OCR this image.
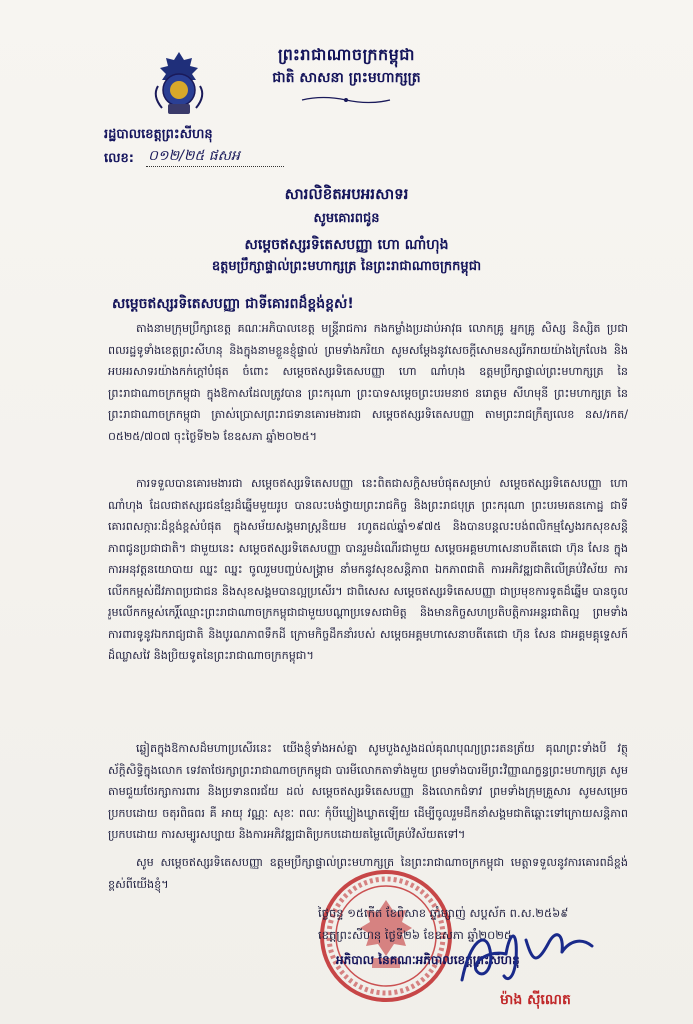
ព្រះរាជាណាចក្រកម្ពុជា
ជាតិ សាសនា ព្រះមហាក្សត្រ
រដ្ឋបាលខេត្តព្រះសីហនុ
លេខ: ០១២/២៥ ផសអ
សារលិខិតអបអរសាទរ
សូមគោរពជូន
សម្តេចឥស្សរទិតេសបញ្ញា ហោ ណាំហុង
ឧត្តមប្រឹក្សាផ្ទាល់ព្រះមហាក្សត្រ នៃព្រះរាជាណាចក្រកម្ពុជា
សម្តេចឥស្សរទិតេសបញ្ញា ជាទីគោរពដ៏ខ្ពង់ខ្ពស់!

តាងនាមក្រុមប្រឹក្សាខេត្ត គណៈអភិបាលខេត្ត មន្ត្រីរាជការ កងកម្លាំងប្រដាប់អាវុធ លោកគ្រូ អ្នកគ្រូ សិស្ស និស្សិត ប្រជាពលរដ្ឋទូទាំងខេត្តព្រះសីហនុ និងក្នុងនាមខ្លួនខ្ញុំផ្ទាល់ ព្រមទាំងភរិយា សូមសម្តែងនូវសេចក្តីសោមនស្សរីករាយយ៉ាងក្រៃលែង និងអបអរសាទរយ៉ាងកក់ក្តៅបំផុត ចំពោះ សម្តេចឥស្សរទិតេសបញ្ញា ហោ ណាំហុង ឧត្តមប្រឹក្សាផ្ទាល់ព្រះមហាក្សត្រ នៃព្រះរាជាណាចក្រកម្ពុជា ក្នុងឱកាសដែលត្រូវបាន ព្រះករុណា ព្រះបាទសម្តេចព្រះបរមនាថ នរោត្តម សីហមុនី ព្រះមហាក្សត្រ នៃព្រះរាជាណាចក្រកម្ពុជា ត្រាស់ប្រោសព្រះរាជទានគោរមងារជា សម្តេចឥស្សរទិតេសបញ្ញា តាមព្រះរាជក្រឹត្យលេខ នស/រកត/០៥២៥/៧០៧ ចុះថ្ងៃទី២៦ ខែឧសភា ឆ្នាំ២០២៥។

ការទទួលបានគោរមងារជា សម្តេចឥស្សរទិតេសបញ្ញា នេះពិតជាសក្តិសមបំផុតសម្រាប់ សម្តេចឥស្សរទិតេសបញ្ញា ហោ ណាំហុង ដែលជាឥស្សរជនខ្មែរដ៏ឆ្នើមមួយរូប បានលះបង់ថ្វាយព្រះរាជកិច្ច និងព្រះរាជបុត្រ ព្រះករុណា ព្រះបរមរតនកោដ្ឋ ជាទីគោរពសក្ការៈដ៏ខ្ពង់ខ្ពស់បំផុត ក្នុងសម័យសង្គមរាស្ត្រនិយម រហូតដល់ឆ្នាំ១៩៧៥ និងបានបន្តលះបង់ពលិកម្មស្វែងរកសុខសន្តិភាពជូនប្រជាជាតិ។ ជាមួយនេះ សម្តេចឥស្សរទិតេសបញ្ញា បានរួមដំណើរជាមួយ សម្តេចអគ្គមហាសេនាបតីតេជោ ហ៊ុន សែន ក្នុងការអនុវត្តនយោបាយ ឈ្នះ ឈ្នះ ចូលរួមបញ្ចប់សង្គ្រាម នាំមកនូវសុខសន្តិភាព ឯកភាពជាតិ ការអភិវឌ្ឍជាតិលើគ្រប់វិស័យ ការលើកកម្ពស់ជីវភាពប្រជាជន និងសុខសង្គមបានល្អប្រសើរ។ ជាពិសេស សម្តេចឥស្សរទិតេសបញ្ញា ជាប្រមុខការទូតដ៏ឆ្នើម បានចូលរួមលើកកម្ពស់កេរ្តិ៍ឈ្មោះព្រះរាជាណាចក្រកម្ពុជាជាមួយបណ្តាប្រទេសជាមិត្ត និងមានកិច្ចសហប្រតិបត្តិការអន្តរជាតិល្អ ព្រមទាំងការពារទូនូវឯករាជ្យជាតិ និងបូរណភាពទឹកដី ក្រោមកិច្ចដឹកនាំរបស់ សម្តេចអគ្គមហាសេនាបតីតេជោ ហ៊ុន សែន ជាអគ្គមគ្គុទ្ទេសក៍ដ៏ឈ្លាសវៃ និងប្រិយទូតនៃព្រះរាជាណាចក្រកម្ពុជា។

ឆ្លៀតក្នុងឱកាសដ៏មហាប្រសើរនេះ យើងខ្ញុំទាំងអស់គ្នា សូមបួងសួងដល់គុណបុណ្យព្រះរតនត្រ័យ គុណព្រះទាំងបី វត្ថុស័ក្តិសិទ្ធិក្នុងលោក ទេវតាថែរក្សាព្រះរាជាណាចក្រកម្ពុជា បារមីលោកតាទាំងមួយ ព្រមទាំងបារមីព្រះវិញ្ញាណក្ខន្ធព្រះមហាក្សត្រ សូមតាមជួយថែរក្សាការពារ និងប្រទានពរជ័យ ដល់ សម្តេចឥស្សរទិតេសបញ្ញា និងលោកជំទាវ ព្រមទាំងក្រុមគ្រួសារ សូមសម្រេចប្រកបដោយ ចតុរពិធពរ គឺ អាយុ វណ្ណៈ សុខៈ ពលៈ កុំបីឃ្លៀងឃ្លាតឡើយ ដើម្បីចូលរួមដឹកនាំសង្គមជាតិឆ្ពោះទៅក្រោយសន្តិភាព ប្រកបដោយ ការសម្បូរសប្បាយ និងការអភិវឌ្ឍជាតិប្រកបដោយតម្លៃលើគ្រប់វិស័យតទៅ។

សូម សម្តេចឥស្សរទិតេសបញ្ញា ឧត្តមប្រឹក្សាផ្ទាល់ព្រះមហាក្សត្រ នៃព្រះរាជាណាចក្រកម្ពុជា មេត្តាទទួលនូវការគោរពដ៏ខ្ពង់ខ្ពស់ពីយើងខ្ញុំ។

ថ្ងៃចន្ទ ១៥កើត ខែពិសាខ ឆ្នាំម្សាញ់ សប្តស័ក ព.ស.២៥៦៩
ខេត្តព្រះសីហនុ ថ្ងៃទី២៦ ខែឧសភា ឆ្នាំ២០២៥
អភិបាល នៃគណៈអភិបាលខេត្តព្រះសីហនុ
ម៉ាង ស៊ីណេត
